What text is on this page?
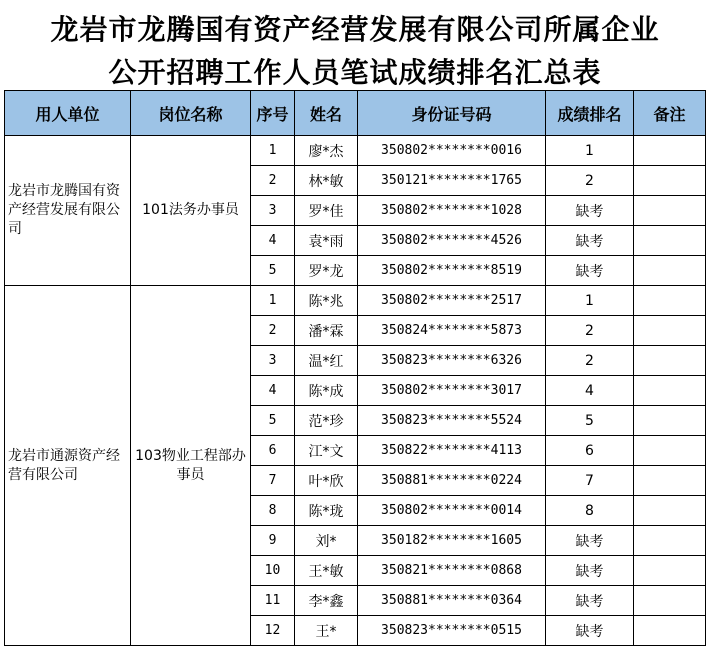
龙岩市龙腾国有资产经营发展有限公司所属企业
公开招聘工作人员笔试成绩排名汇总表
用人单位	岗位名称	序号	姓名	身份证号码	成绩排名	备注
龙岩市龙腾国有资产经营发展有限公司	101法务办事员	1	廖*杰	350802********0016	1	
		2	林*敏	350121********1765	2	
		3	罗*佳	350802********1028	缺考	
		4	袁*雨	350802********4526	缺考	
		5	罗*龙	350802********8519	缺考	
龙岩市通源资产经营有限公司	103物业工程部办事员	1	陈*兆	350802********2517	1	
		2	潘*霖	350824********5873	2	
		3	温*红	350823********6326	2	
		4	陈*成	350802********3017	4	
		5	范*珍	350823********5524	5	
		6	江*文	350822********4113	6	
		7	叶*欣	350881********0224	7	
		8	陈*珑	350802********0014	8	
		9	刘*	350182********1605	缺考	
		10	王*敏	350821********0868	缺考	
		11	李*鑫	350881********0364	缺考	
		12	王*	350823********0515	缺考	
